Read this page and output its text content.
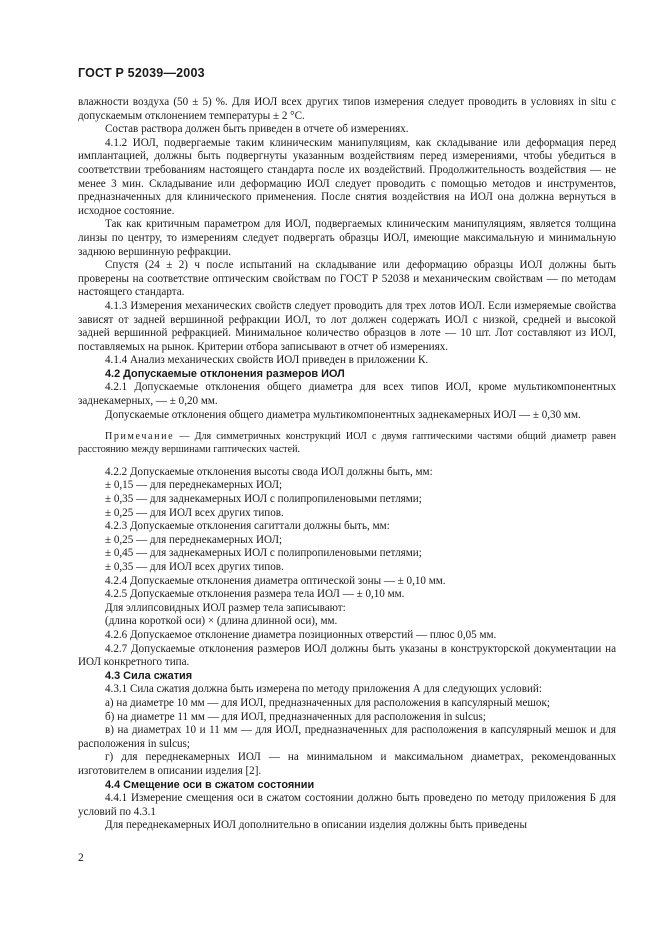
ГОСТ Р 52039—2003

влажности воздуха (50 ± 5) %. Для ИОЛ всех других типов измерения следует проводить в условиях in situ с допускаемым отклонением температуры ± 2 °С.

Состав раствора должен быть приведен в отчете об измерениях.

4.1.2 ИОЛ, подвергаемые таким клиническим манипуляциям, как складывание или деформация перед имплантацией, должны быть подвергнуты указанным воздействиям перед измерениями, чтобы убедиться в соответствии требованиям настоящего стандарта после их воздействий. Продолжительность воздействия — не менее 3 мин. Складывание или деформацию ИОЛ следует проводить с помощью методов и инструментов, предназначенных для клинического применения. После снятия воздействия на ИОЛ она должна вернуться в исходное состояние.

Так как критичным параметром для ИОЛ, подвергаемых клиническим манипуляциям, является толщина линзы по центру, то измерениям следует подвергать образцы ИОЛ, имеющие максимальную и минимальную заднюю вершинную рефракции.

Спустя (24 ± 2) ч после испытаний на складывание или деформацию образцы ИОЛ должны быть проверены на соответствие оптическим свойствам по ГОСТ Р 52038 и механическим свойствам — по методам настоящего стандарта.

4.1.3 Измерения механических свойств следует проводить для трех лотов ИОЛ. Если измеряемые свойства зависят от задней вершинной рефракции ИОЛ, то лот должен содержать ИОЛ с низкой, средней и высокой задней вершинной рефракцией. Минимальное количество образцов в лоте — 10 шт. Лот составляют из ИОЛ, поставляемых на рынок. Критерии отбора записывают в отчет об измерениях.

4.1.4 Анализ механических свойств ИОЛ приведен в приложении К.

4.2 Допускаемые отклонения размеров ИОЛ

4.2.1 Допускаемые отклонения общего диаметра для всех типов ИОЛ, кроме мультикомпонентных заднекамерных, — ± 0,20 мм.

Допускаемые отклонения общего диаметра мультикомпонентных заднекамерных ИОЛ — ± 0,30 мм.

Примечание — Для симметричных конструкций ИОЛ с двумя гаптическими частями общий диаметр равен расстоянию между вершинами гаптических частей.

4.2.2 Допускаемые отклонения высоты свода ИОЛ должны быть, мм:

± 0,15 — для переднекамерных ИОЛ;

± 0,35 — для заднекамерных ИОЛ с полипропиленовыми петлями;

± 0,25 — для ИОЛ всех других типов.

4.2.3 Допускаемые отклонения сагиттали должны быть, мм:

± 0,25 — для переднекамерных ИОЛ;

± 0,45 — для заднекамерных ИОЛ с полипропиленовыми петлями;

± 0,35 — для ИОЛ всех других типов.

4.2.4 Допускаемые отклонения диаметра оптической зоны — ± 0,10 мм.

4.2.5 Допускаемые отклонения размера тела ИОЛ — ± 0,10 мм.

Для эллипсовидных ИОЛ размер тела записывают:

(длина короткой оси) × (длина длинной оси), мм.

4.2.6 Допускаемое отклонение диаметра позиционных отверстий — плюс 0,05 мм.

4.2.7 Допускаемые отклонения размеров ИОЛ должны быть указаны в конструкторской документации на ИОЛ конкретного типа.

4.3 Сила сжатия

4.3.1 Сила сжатия должна быть измерена по методу приложения А для следующих условий:

а) на диаметре 10 мм — для ИОЛ, предназначенных для расположения в капсулярный мешок;

б) на диаметре 11 мм — для ИОЛ, предназначенных для расположения in sulcus;

в) на диаметрах 10 и 11 мм — для ИОЛ, предназначенных для расположения в капсулярный мешок и для расположения in sulcus;

г) для переднекамерных ИОЛ — на минимальном и максимальном диаметрах, рекомендованных изготовителем в описании изделия [2].

4.4 Смещение оси в сжатом состоянии

4.4.1 Измерение смещения оси в сжатом состоянии должно быть проведено по методу приложения Б для условий по 4.3.1

Для переднекамерных ИОЛ дополнительно в описании изделия должны быть приведены

2
